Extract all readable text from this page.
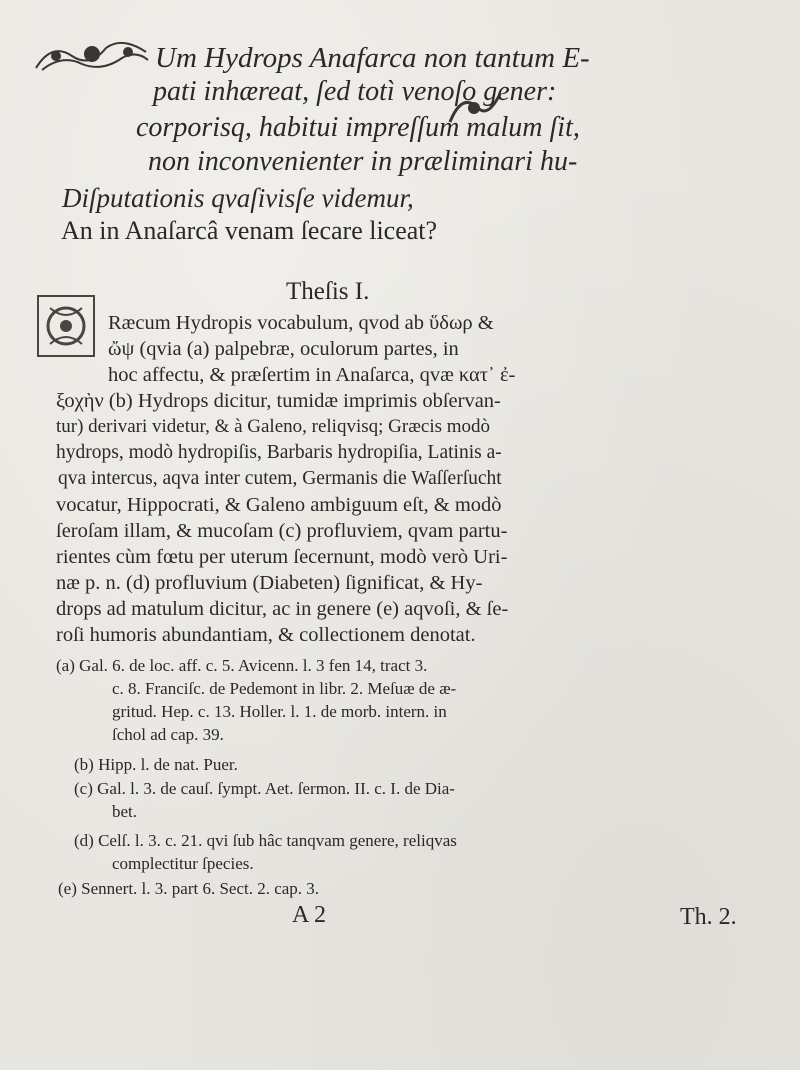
Um Hydrops Anafarca non tantum E-
pati inhæreat, ſed totì venoſo gener:
corporisq, habitui impreſſum malum ſit,
non inconvenienter in præliminari hu-
Diſputationis qvaſivisſe videmur,
An in Anaſarcâ venam ſecare liceat?
Theſis I.
Ræcum Hydropis vocabulum, qvod ab ὕδωρ &
ὤψ (qvia (a) palpebræ, oculorum partes, in
hoc affectu, & præſertim in Anaſarca, qvæ κατ᾽ ἐ-
ξοχὴν (b) Hydrops dicitur, tumidæ imprimis obſervan-
tur) derivari videtur, & à Galeno, reliqvisq; Græcis modò
hydrops, modò hydropiſis, Barbaris hydropiſia, Latinis a-
qva intercus, aqva inter cutem, Germanis die Waſſerſucht
vocatur, Hippocrati, & Galeno ambiguum eſt, & modò
ſeroſam illam, & mucoſam (c) profluviem, qvam partu-
rientes cùm fœtu per uterum ſecernunt, modò verò Uri-
næ p. n. (d) profluvium (Diabeten) ſignificat, & Hy-
drops ad matulum dicitur, ac in genere (e) aqvoſi, & ſe-
roſi humoris abundantiam, & collectionem denotat.
(a) Gal. 6. de loc. aff. c. 5. Avicenn. l. 3 fen 14, tract 3.
c. 8. Franciſc. de Pedemont in libr. 2. Meſuæ de æ-
gritud. Hep. c. 13. Holler. l. 1. de morb. intern. in
ſchol ad cap. 39.
(b) Hipp. l. de nat. Puer.
(c) Gal. l. 3. de cauſ. ſympt. Aet. ſermon. II. c. I. de Dia-
bet.
(d) Celſ. l. 3. c. 21. qvi ſub hâc tanqvam genere, reliqvas
complectitur ſpecies.
(e) Sennert. l. 3. part 6. Sect. 2. cap. 3.
A 2	Th. 2.
